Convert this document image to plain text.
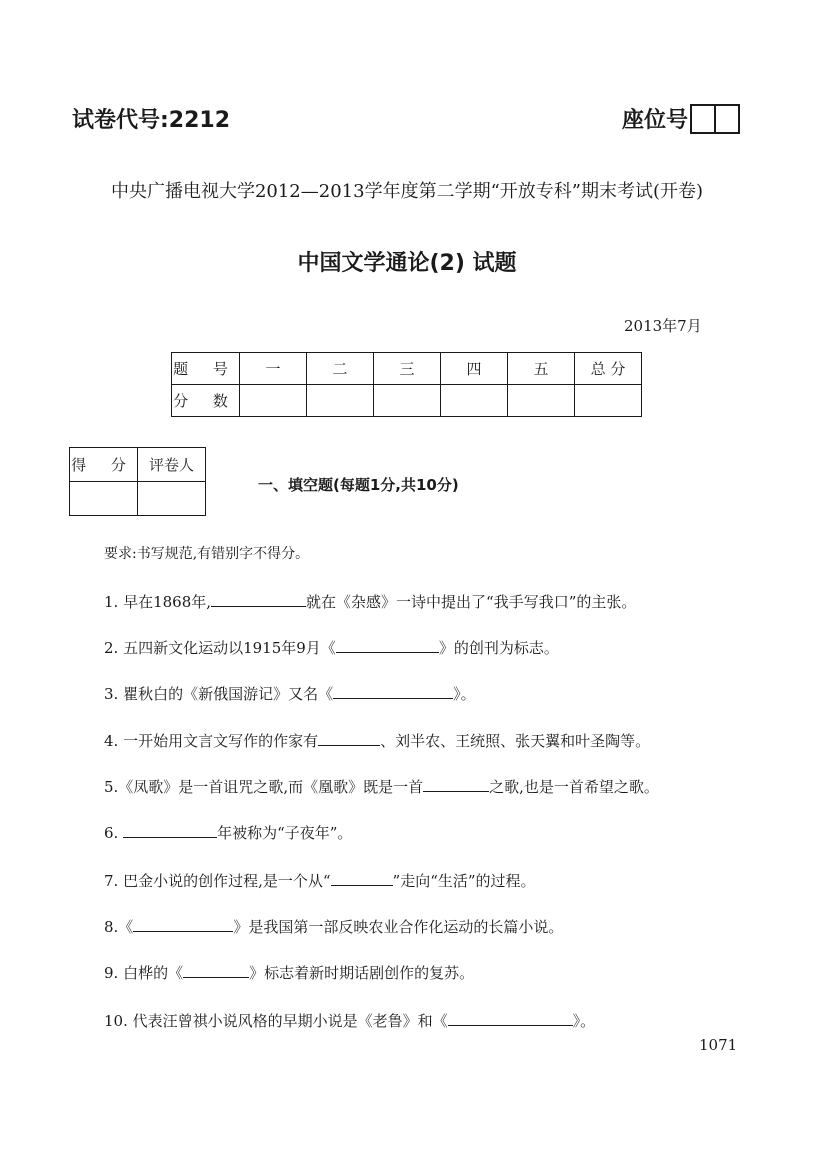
试卷代号:2212	座位号
中央广播电视大学2012—2013学年度第二学期“开放专科”期末考试(开卷)
中国文学通论(2) 试题
2013年7月
题 号	一	二	三	四	五	总 分
分 数						
得 分	评卷人

一、填空题(每题1分,共10分)
要求:书写规范,有错别字不得分。
1. 早在1868年,	就在《杂感》一诗中提出了“我手写我口”的主张。
2. 五四新文化运动以1915年9月《	》的创刊为标志。
3. 瞿秋白的《新俄国游记》又名《	》。
4. 一开始用文言文写作的作家有	、刘半农、王统照、张天翼和叶圣陶等。
5.《凤歌》是一首诅咒之歌,而《凰歌》既是一首	之歌,也是一首希望之歌。
6.	年被称为“子夜年”。
7. 巴金小说的创作过程,是一个从“	”走向“生活”的过程。
8.《	》是我国第一部反映农业合作化运动的长篇小说。
9. 白桦的《	》标志着新时期话剧创作的复苏。
10. 代表汪曾祺小说风格的早期小说是《老鲁》和《	》。
1071
